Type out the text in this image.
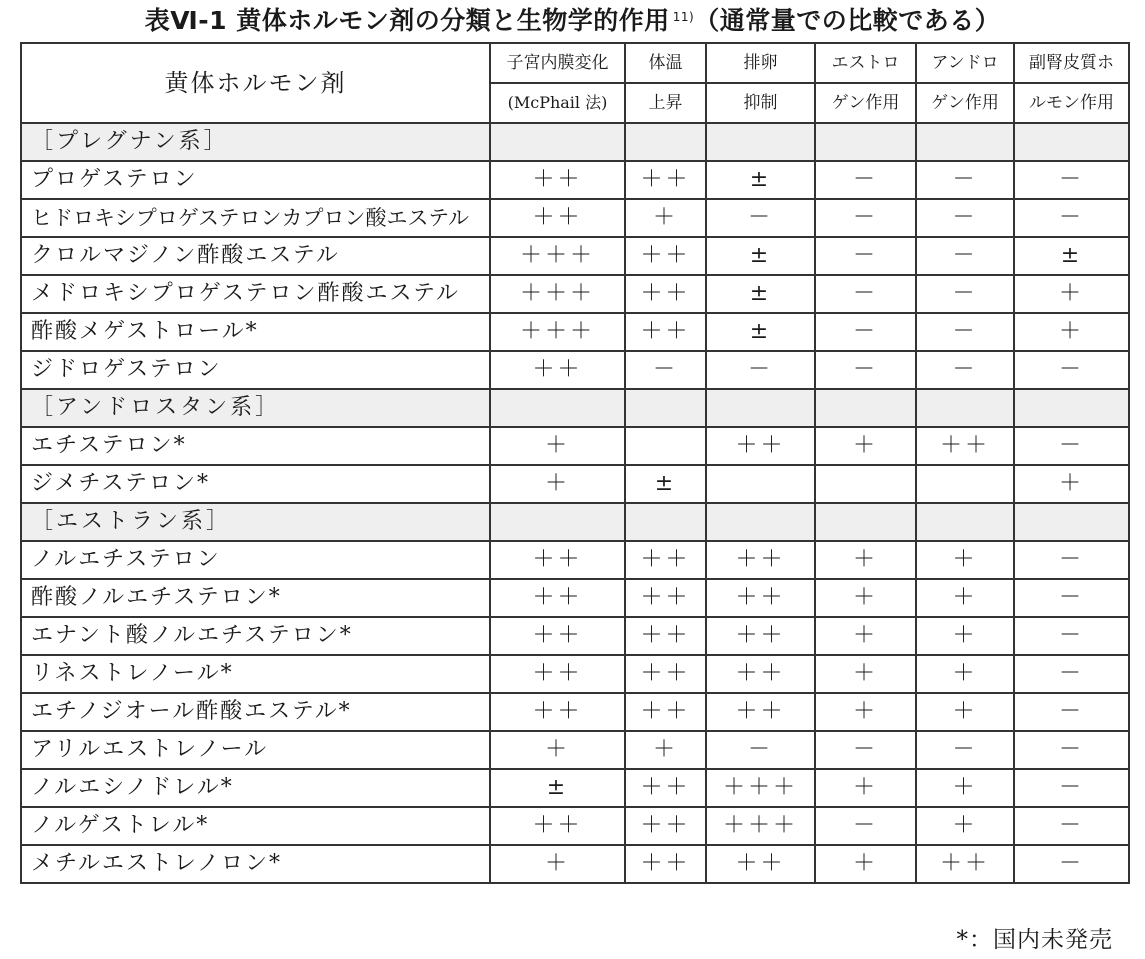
表Ⅵ-1 黄体ホルモン剤の分類と生物学的作用 $^{11)}$（通常量での比較である）
黄体ホルモン剤	子宮内膜変化	体温	排卵	エストロ	アンドロ	副腎皮質ホ

	(McPhail 法)	上昇	抑制	ゲン作用	ゲン作用	ルモン作用

［プレグナン系］						
プロゲステロン	＋＋	＋＋	±	－	－	－
ヒドロキシプロゲステロンカプロン酸エステル	＋＋	＋	－	－	－	－
クロルマジノン酢酸エステル	＋＋＋	＋＋	±	－	－	±
メドロキシプロゲステロン酢酸エステル	＋＋＋	＋＋	±	－	－	＋
酢酸メゲストロール*	＋＋＋	＋＋	±	－	－	＋
ジドロゲステロン	＋＋	－	－	－	－	－
［アンドロスタン系］						
エチステロン*	＋		＋＋	＋	＋＋	－
ジメチステロン*	＋	±				＋
［エストラン系］						
ノルエチステロン	＋＋	＋＋	＋＋	＋	＋	－
酢酸ノルエチステロン*	＋＋	＋＋	＋＋	＋	＋	－
エナント酸ノルエチステロン*	＋＋	＋＋	＋＋	＋	＋	－
リネストレノール*	＋＋	＋＋	＋＋	＋	＋	－
エチノジオール酢酸エステル*	＋＋	＋＋	＋＋	＋	＋	－
アリルエストレノール	＋	＋	－	－	－	－
ノルエシノドレル*	±	＋＋	＋＋＋	＋	＋	－
ノルゲストレル*	＋＋	＋＋	＋＋＋	－	＋	－
メチルエストレノロン*	＋	＋＋	＋＋	＋	＋＋	－
*：国内未発売
